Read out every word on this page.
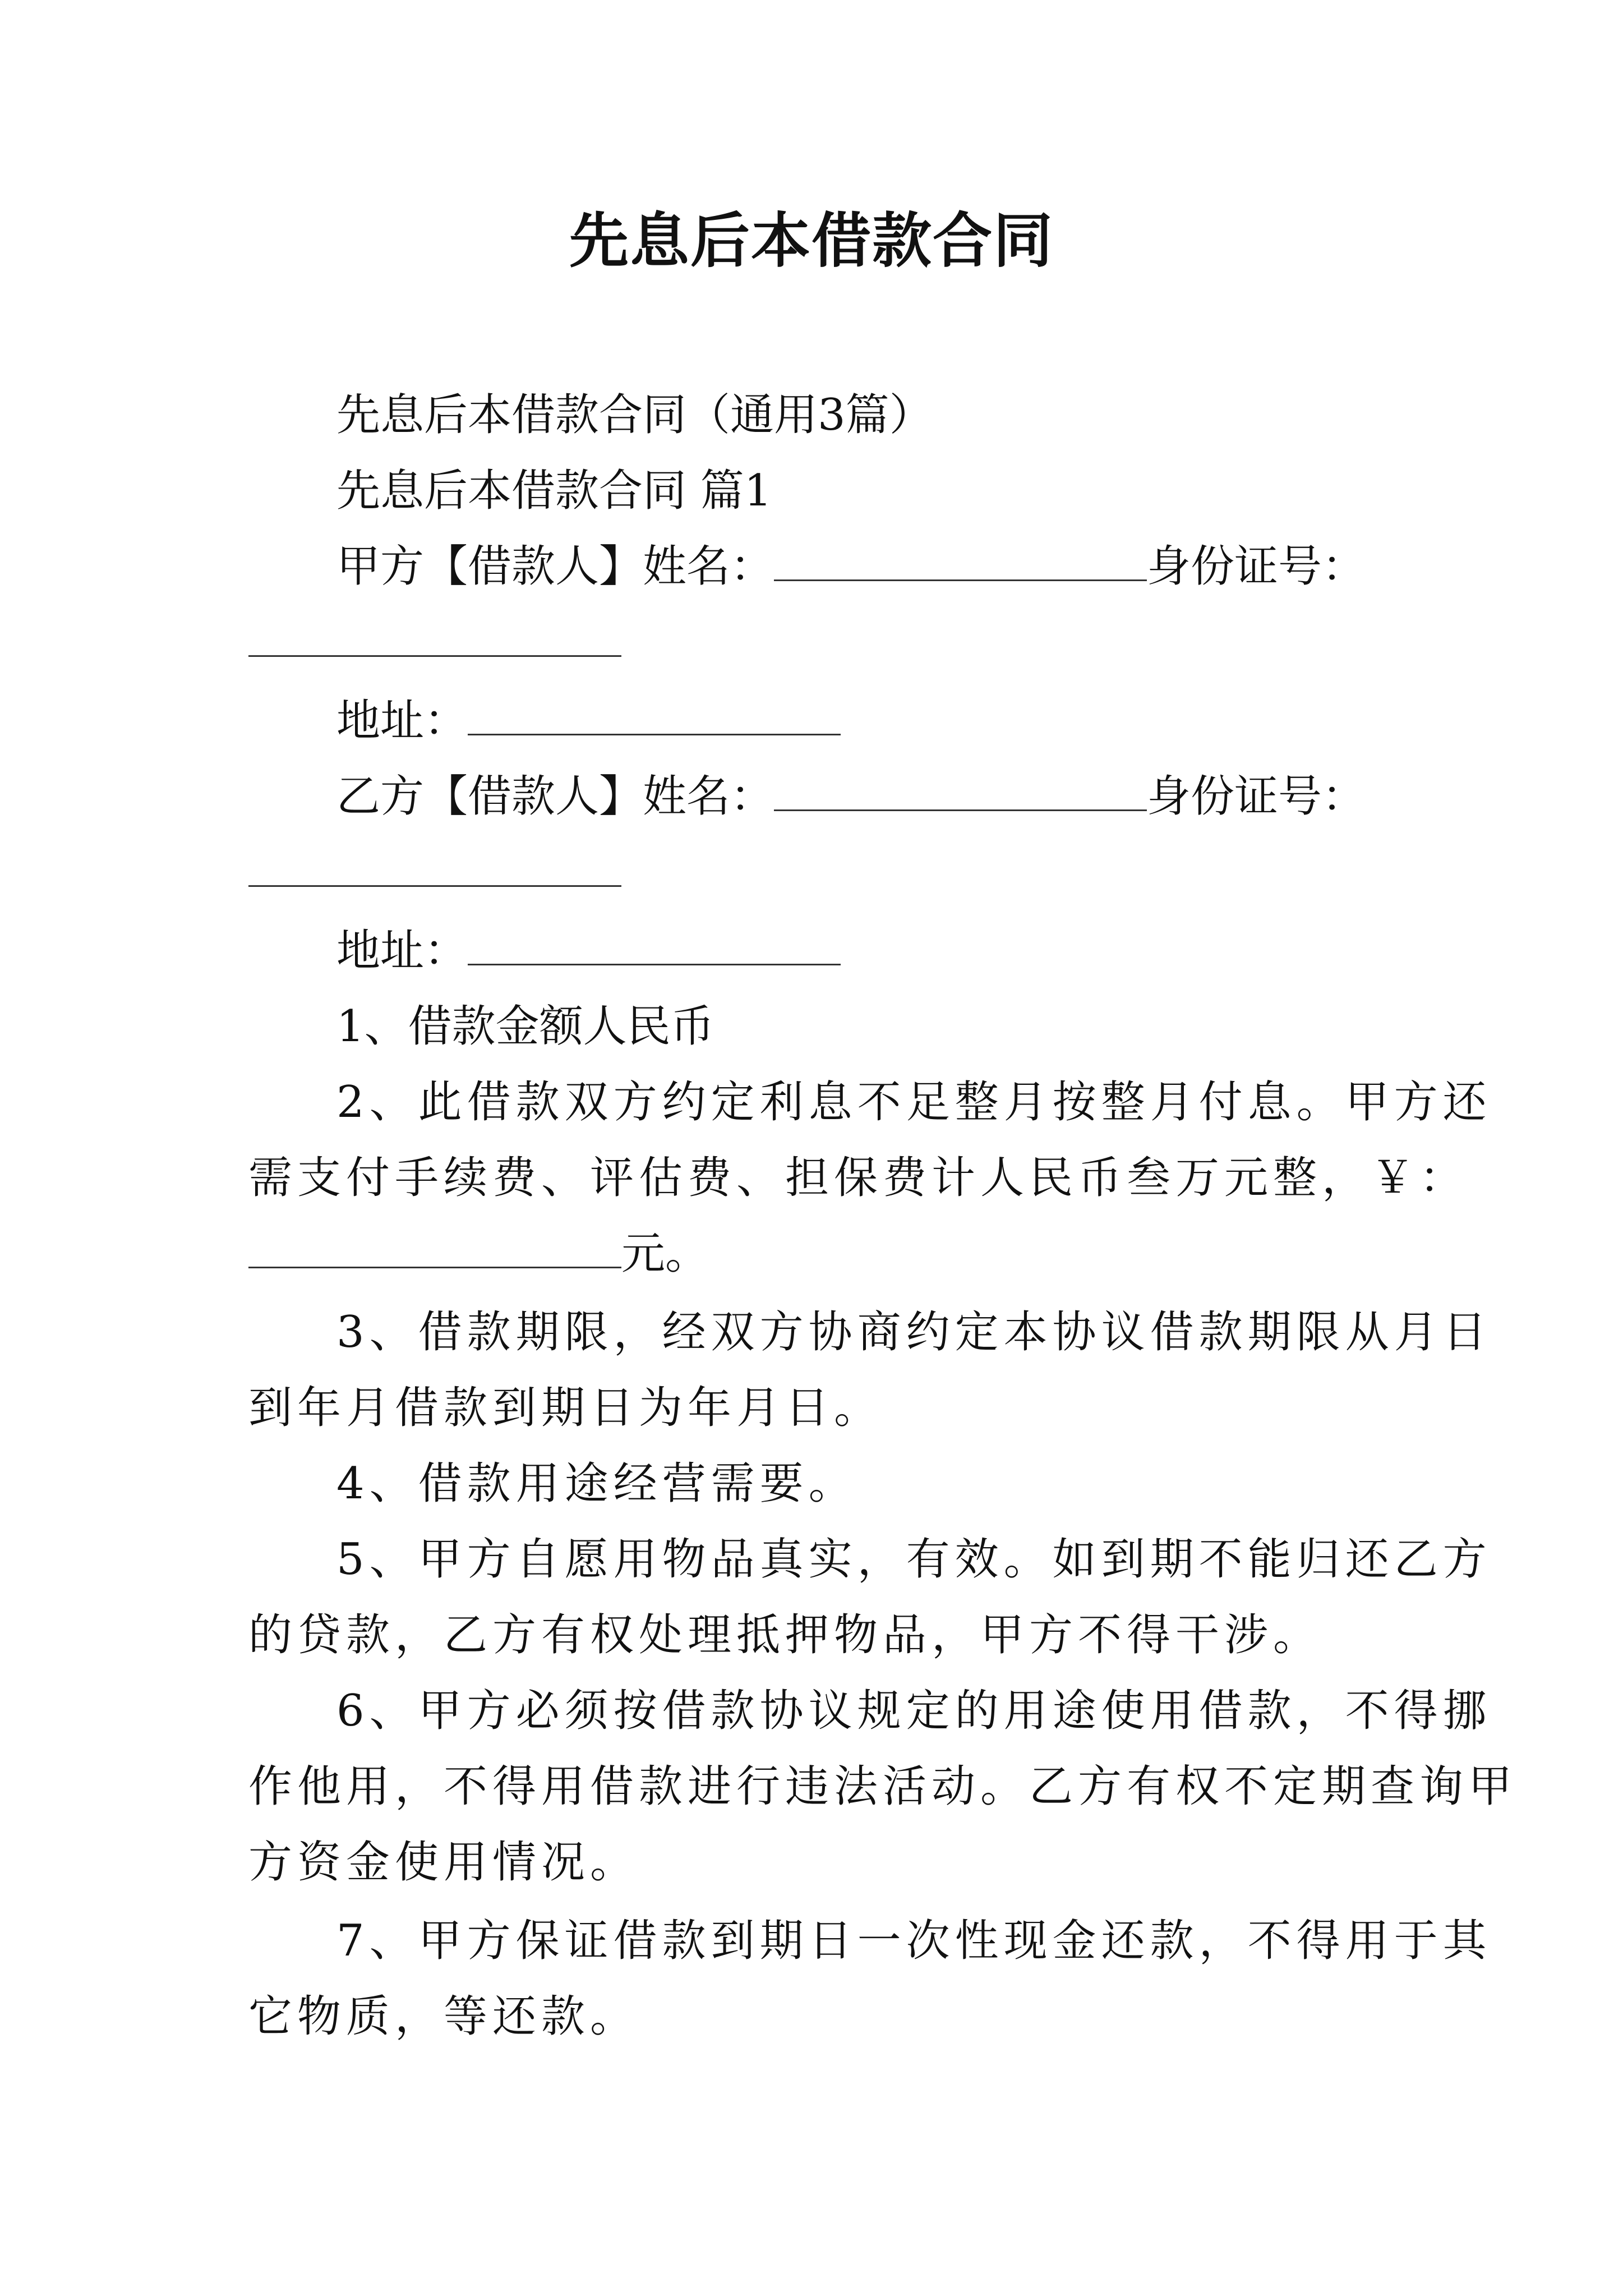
先息后本借款合同
先息后本借款合同（通用3篇）
先息后本借款合同 篇1
甲方【借款人】姓名：	身份证号：
地址：
乙方【借款人】姓名：	身份证号：
地址：
1、借款金额人民币
2、此借款双方约定利息不足整月按整月付息。甲方还
需支付手续费、评估费、担保费计人民币叁万元整，￥：
元。
3、借款期限，经双方协商约定本协议借款期限从月日
到年月借款到期日为年月日。
4、借款用途经营需要。
5、甲方自愿用物品真实，有效。如到期不能归还乙方
的贷款，乙方有权处理抵押物品，甲方不得干涉。
6、甲方必须按借款协议规定的用途使用借款，不得挪
作他用，不得用借款进行违法活动。乙方有权不定期查询甲
方资金使用情况。
7、甲方保证借款到期日一次性现金还款，不得用于其
它物质，等还款。
